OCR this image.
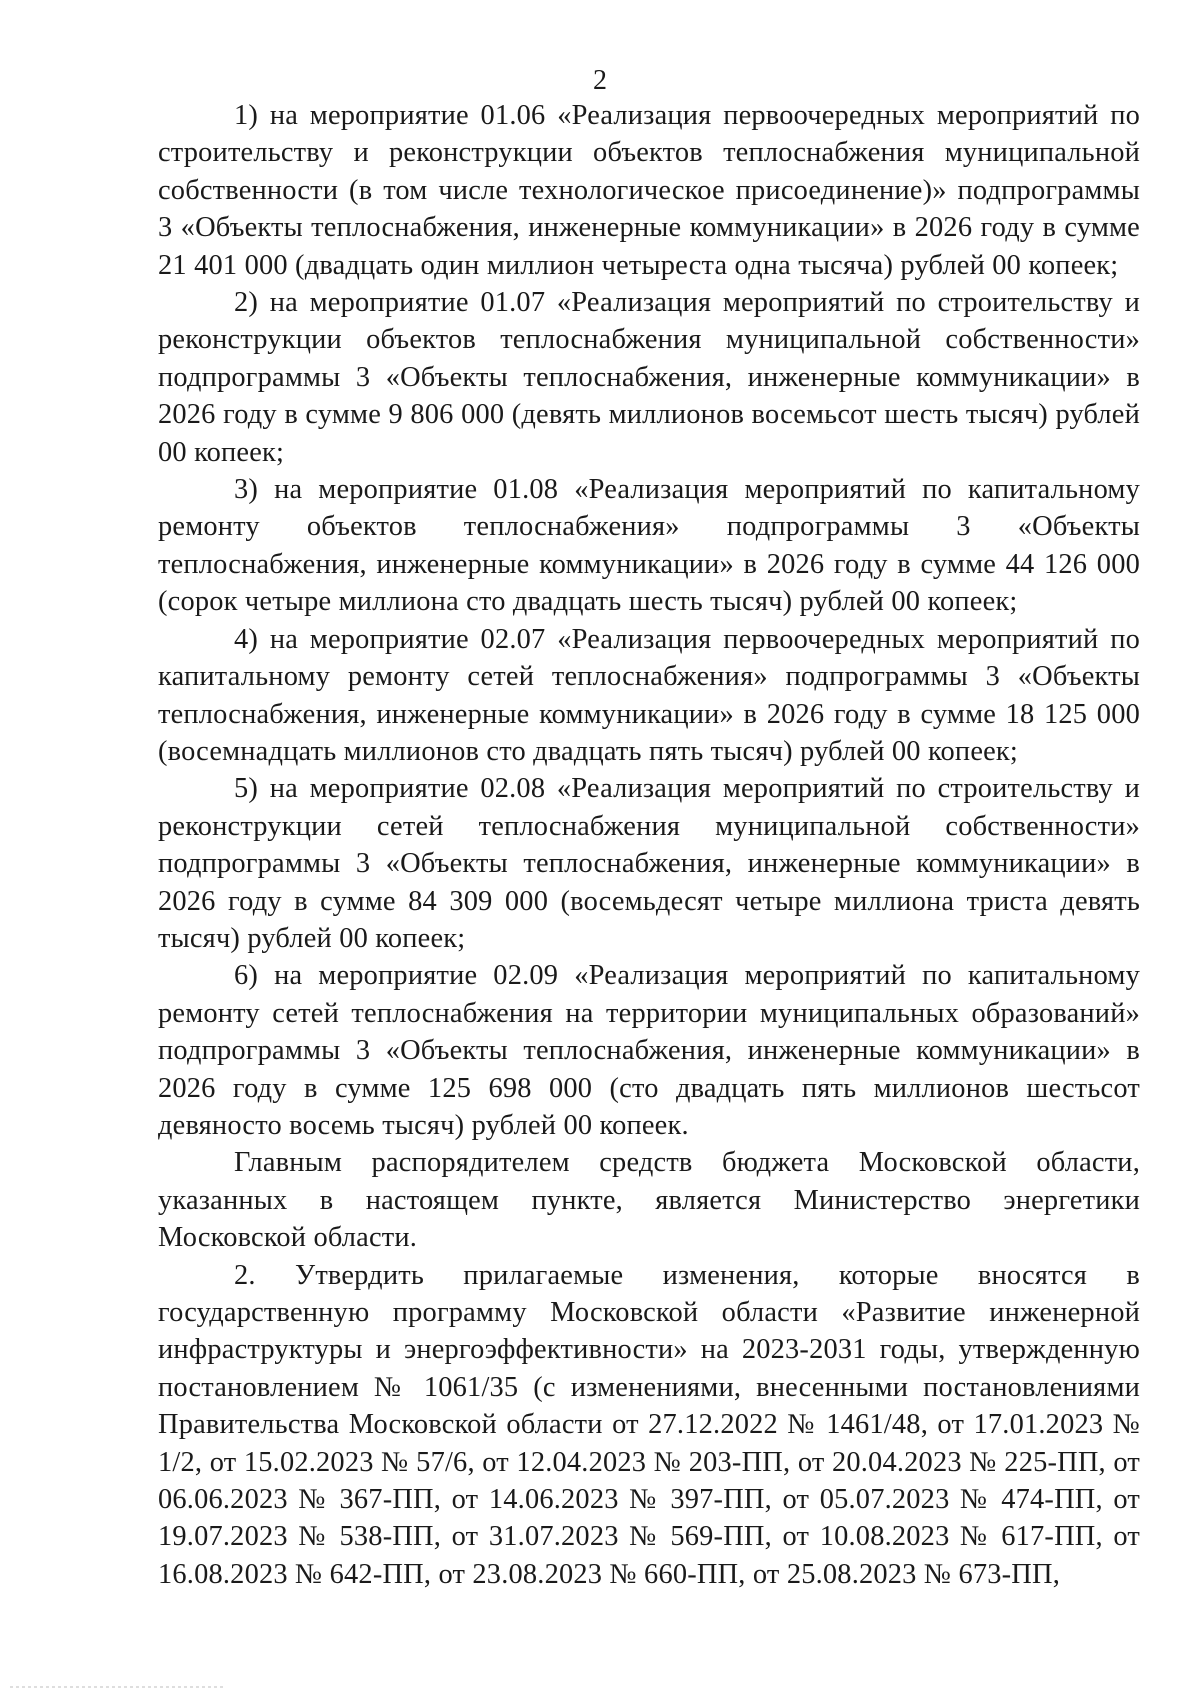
2

1) на мероприятие 01.06 «Реализация первоочередных мероприятий по строительству и реконструкции объектов теплоснабжения муниципальной собственности (в том числе технологическое присоединение)» подпрограммы 3 «Объекты теплоснабжения, инженерные коммуникации» в 2026 году в сумме 21 401 000 (двадцать один миллион четыреста одна тысяча) рублей 00 копеек;

2) на мероприятие 01.07 «Реализация мероприятий по строительству и реконструкции объектов теплоснабжения муниципальной собственности» подпрограммы 3 «Объекты теплоснабжения, инженерные коммуникации» в 2026 году в сумме 9 806 000 (девять миллионов восемьсот шесть тысяч) рублей 00 копеек;

3) на мероприятие 01.08 «Реализация мероприятий по капитальному ремонту объектов теплоснабжения» подпрограммы 3 «Объекты теплоснабжения, инженерные коммуникации» в 2026 году в сумме 44 126 000 (сорок четыре миллиона сто двадцать шесть тысяч) рублей 00 копеек;

4) на мероприятие 02.07 «Реализация первоочередных мероприятий по капитальному ремонту сетей теплоснабжения» подпрограммы 3 «Объекты теплоснабжения, инженерные коммуникации» в 2026 году в сумме 18 125 000 (восемнадцать миллионов сто двадцать пять тысяч) рублей 00 копеек;

5) на мероприятие 02.08 «Реализация мероприятий по строительству и реконструкции сетей теплоснабжения муниципальной собственности» подпрограммы 3 «Объекты теплоснабжения, инженерные коммуникации» в 2026 году в сумме 84 309 000 (восемьдесят четыре миллиона триста девять тысяч) рублей 00 копеек;

6) на мероприятие 02.09 «Реализация мероприятий по капитальному ремонту сетей теплоснабжения на территории муниципальных образований» подпрограммы 3 «Объекты теплоснабжения, инженерные коммуникации» в 2026 году в сумме 125 698 000 (сто двадцать пять миллионов шестьсот девяносто восемь тысяч) рублей 00 копеек.

Главным распорядителем средств бюджета Московской области, указанных в настоящем пункте, является Министерство энергетики Московской области.

2. Утвердить прилагаемые изменения, которые вносятся в государственную программу Московской области «Развитие инженерной инфраструктуры и энергоэффективности» на 2023-2031 годы, утвержденную постановлением № 1061/35 (с изменениями, внесенными постановлениями Правительства Московской области от 27.12.2022 № 1461/48, от 17.01.2023 № 1/2, от 15.02.2023 № 57/6, от 12.04.2023 № 203-ПП, от 20.04.2023 № 225-ПП, от 06.06.2023 № 367-ПП, от 14.06.2023 № 397-ПП, от 05.07.2023 № 474-ПП, от 19.07.2023 № 538-ПП, от 31.07.2023 № 569-ПП, от 10.08.2023 № 617-ПП, от 16.08.2023 № 642-ПП, от 23.08.2023 № 660-ПП, от 25.08.2023 № 673-ПП,
